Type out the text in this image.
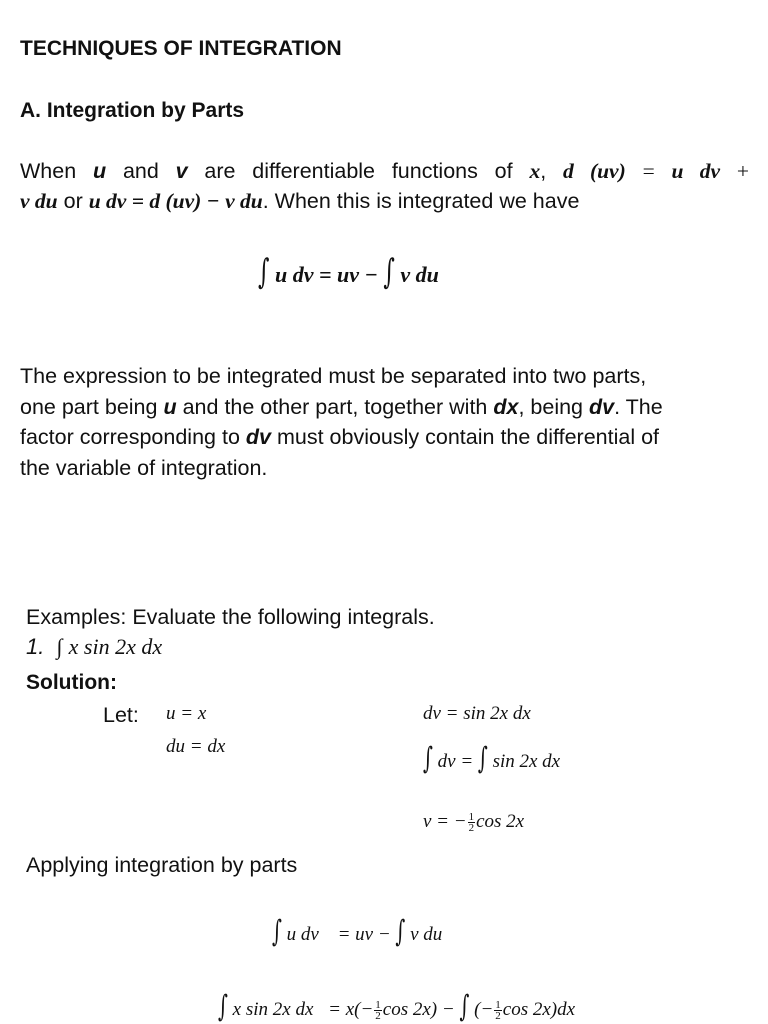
TECHNIQUES OF INTEGRATION
A. Integration by Parts
When u and v are differentiable functions of x, d (uv) = u dv +
v du or u dv = d (uv) − v du. When this is integrated we have
∫ u dv = uv − ∫ v du
The expression to be integrated must be separated into two parts,
one part being u and the other part, together with dx, being dv. The
factor corresponding to dv must obviously contain the differential of
the variable of integration.
Examples: Evaluate the following integrals.
1. ∫ x sin 2x dx
Solution:
Let: u = x
du = dx
dv = sin 2x dx
∫ dv = ∫ sin 2x dx
v = − $\frac{1}{2}$ cos 2x
Applying integration by parts
∫ u dv = uv − ∫ v du
∫ x sin 2x dx = $x(- \frac{1}{2}$ cos 2x) − ∫ (− $\frac{1}{2}$ cos 2x)dx
